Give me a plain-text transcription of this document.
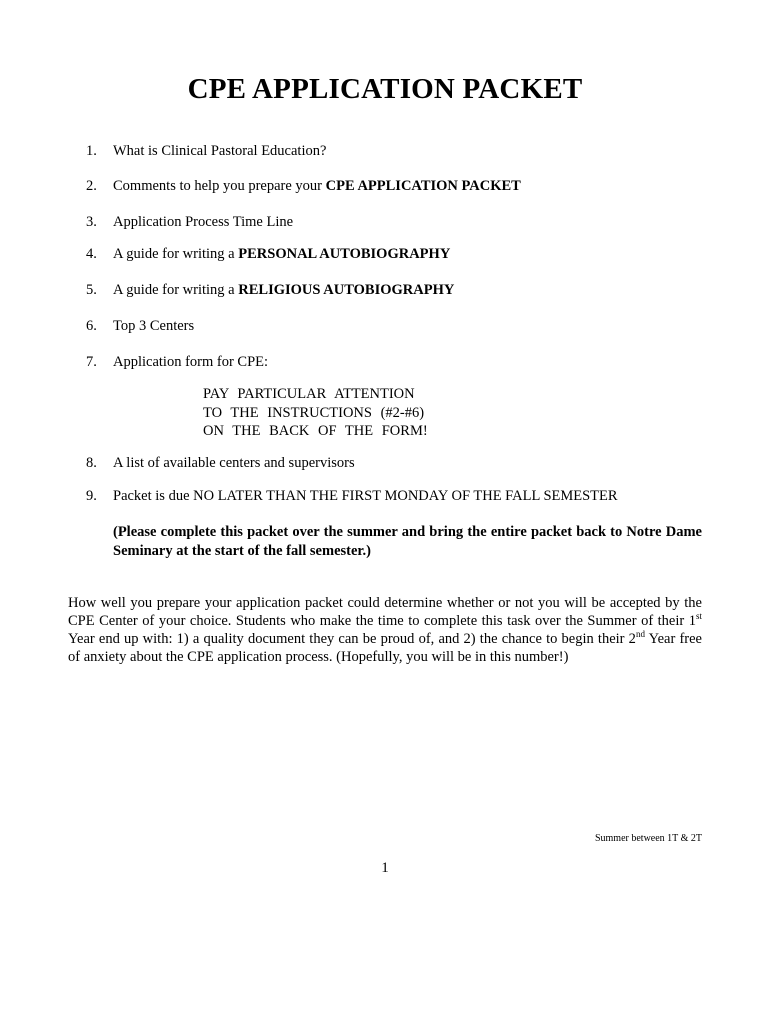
CPE APPLICATION PACKET
1.	What is Clinical Pastoral Education?
2.	Comments to help you prepare your CPE APPLICATION PACKET
3.	Application Process Time Line
4.	A guide for writing a PERSONAL AUTOBIOGRAPHY
5.	A guide for writing a RELIGIOUS AUTOBIOGRAPHY
6.	Top 3 Centers
7.	Application form for CPE:
PAY PARTICULAR ATTENTION
TO THE INSTRUCTIONS (#2-#6)
ON THE BACK OF THE FORM!
8.	A list of available centers and supervisors
9.	Packet is due NO LATER THAN THE FIRST MONDAY OF THE FALL SEMESTER
(Please complete this packet over the summer and bring the entire packet back to Notre Dame Seminary at the start of the fall semester.)
How well you prepare your application packet could determine whether or not you will be accepted by the CPE Center of your choice. Students who make the time to complete this task over the Summer of their 1st Year end up with: 1) a quality document they can be proud of, and 2) the chance to begin their 2nd Year free of anxiety about the CPE application process. (Hopefully, you will be in this number!)
Summer between 1T & 2T
1
